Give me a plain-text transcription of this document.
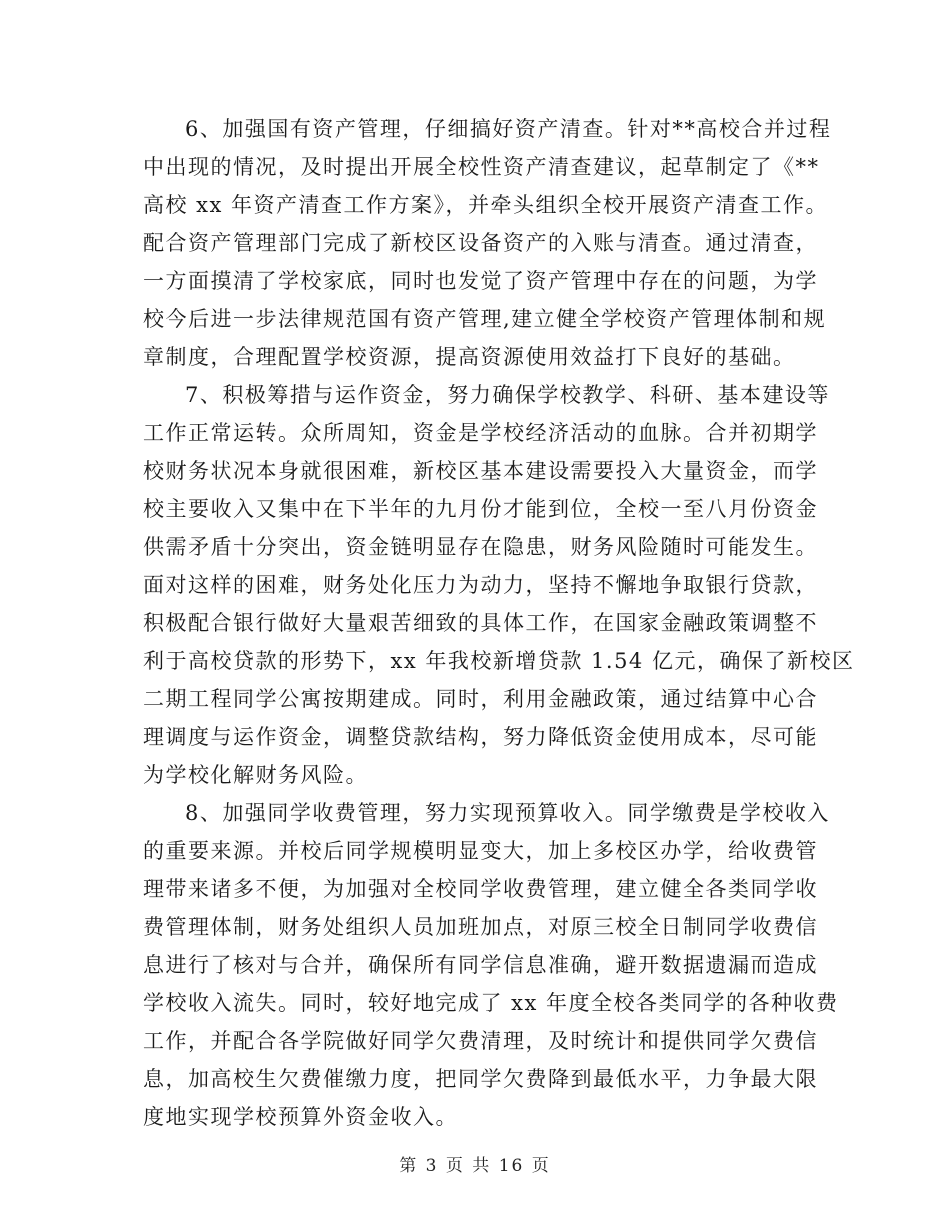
6、加强国有资产管理，仔细搞好资产清查。针对**高校合并过程
中出现的情况，及时提出开展全校性资产清查建议，起草制定了《**
高校 xx 年资产清查工作方案》，并牵头组织全校开展资产清查工作。
配合资产管理部门完成了新校区设备资产的入账与清查。通过清查，
一方面摸清了学校家底，同时也发觉了资产管理中存在的问题，为学
校今后进一步法律规范国有资产管理,建立健全学校资产管理体制和规
章制度，合理配置学校资源，提高资源使用效益打下良好的基础。
7、积极筹措与运作资金，努力确保学校教学、科研、基本建设等
工作正常运转。众所周知，资金是学校经济活动的血脉。合并初期学
校财务状况本身就很困难，新校区基本建设需要投入大量资金，而学
校主要收入又集中在下半年的九月份才能到位，全校一至八月份资金
供需矛盾十分突出，资金链明显存在隐患，财务风险随时可能发生。
面对这样的困难，财务处化压力为动力，坚持不懈地争取银行贷款，
积极配合银行做好大量艰苦细致的具体工作，在国家金融政策调整不
利于高校贷款的形势下，xx 年我校新增贷款 1.54 亿元，确保了新校区
二期工程同学公寓按期建成。同时，利用金融政策，通过结算中心合
理调度与运作资金，调整贷款结构，努力降低资金使用成本，尽可能
为学校化解财务风险。
8、加强同学收费管理，努力实现预算收入。同学缴费是学校收入
的重要来源。并校后同学规模明显变大，加上多校区办学，给收费管
理带来诸多不便，为加强对全校同学收费管理，建立健全各类同学收
费管理体制，财务处组织人员加班加点，对原三校全日制同学收费信
息进行了核对与合并，确保所有同学信息准确，避开数据遗漏而造成
学校收入流失。同时，较好地完成了 xx 年度全校各类同学的各种收费
工作，并配合各学院做好同学欠费清理，及时统计和提供同学欠费信
息，加高校生欠费催缴力度，把同学欠费降到最低水平，力争最大限
度地实现学校预算外资金收入。
第 3 页 共 16 页
